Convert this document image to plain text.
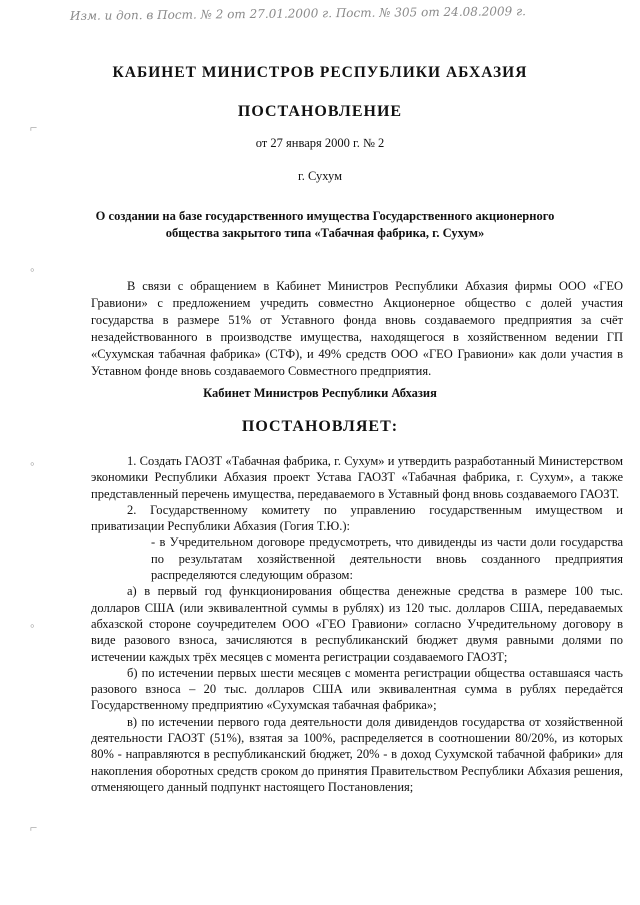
Изм. и доп. в Пост. № 2 от 27.01.2000 г. Пост. № 305 от 24.08.2009 г.
⌐
◦
◦
◦
⌐
КАБИНЕТ МИНИСТРОВ РЕСПУБЛИКИ АБХАЗИЯ
ПОСТАНОВЛЕНИЕ
от 27 января 2000 г. № 2
г. Сухум
О создании на базе государственного имущества Государственного акционерного общества закрытого типа «Табачная фабрика, г. Сухум»
В связи с обращением в Кабинет Министров Республики Абхазия фирмы ООО «ГЕО Гравиони» с предложением учредить совместно Акционерное общество с долей участия государства в размере 51% от Уставного фонда вновь создаваемого предприятия за счёт незадействованного в производстве имущества, находящегося в хозяйственном ведении ГП «Сухумская табачная фабрика» (СТФ), и 49% средств ООО «ГЕО Гравиони» как доли участия в Уставном фонде вновь создаваемого Совместного предприятия.
Кабинет Министров Республики Абхазия
ПОСТАНОВЛЯЕТ:

1. Создать ГАОЗТ «Табачная фабрика, г. Сухум» и утвердить разработанный Министерством экономики Республики Абхазия проект Устава ГАОЗТ «Табачная фабрика, г. Сухум», а также представленный перечень имущества, передаваемого в Уставный фонд вновь создаваемого ГАОЗТ.

2. Государственному комитету по управлению государственным имуществом и приватизации Республики Абхазия (Гогия Т.Ю.):

- в Учредительном договоре предусмотреть, что дивиденды из части доли государства по результатам хозяйственной деятельности вновь созданного предприятия распределяются следующим образом:

а) в первый год функционирования общества денежные средства в размере 100 тыс. долларов США (или эквивалентной суммы в рублях) из 120 тыс. долларов США, передаваемых абхазской стороне соучредителем ООО «ГЕО Гравиони» согласно Учредительному договору в виде разового взноса, зачисляются в республиканский бюджет двумя равными долями по истечении каждых трёх месяцев с момента регистрации создаваемого ГАОЗТ;

б) по истечении первых шести месяцев с момента регистрации общества оставшаяся часть разового взноса – 20 тыс. долларов США или эквивалентная сумма в рублях передаётся Государственному предприятию «Сухумская табачная фабрика»;

в) по истечении первого года деятельности доля дивидендов государства от хозяйственной деятельности ГАОЗТ (51%), взятая за 100%, распределяется в соотношении 80/20%, из которых 80% - направляются в республиканский бюджет, 20% - в доход Сухумской табачной фабрики» для накопления оборотных средств сроком до принятия Правительством Республики Абхазия решения, отменяющего данный подпункт настоящего Постановления;
